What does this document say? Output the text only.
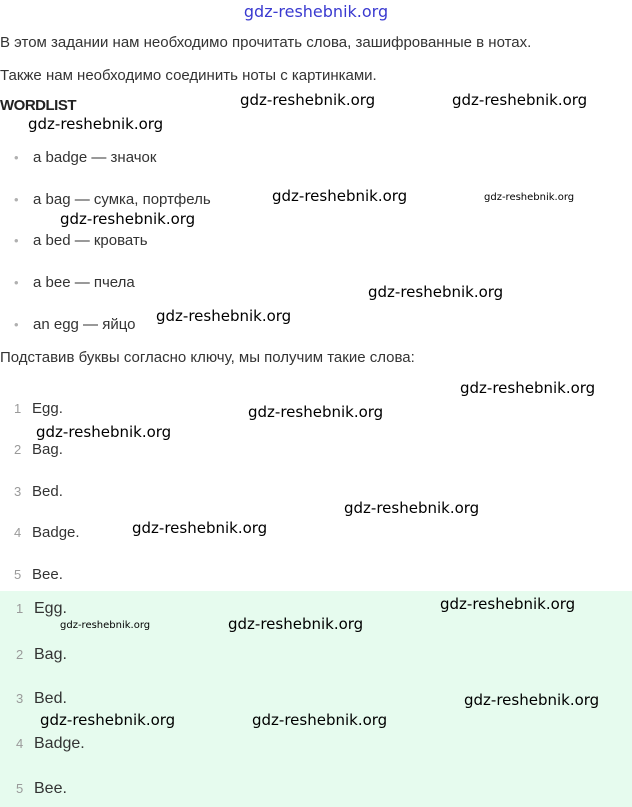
gdz-reshebnik.org
В этом задании нам необходимо прочитать слова, зашифрованные в нотах.
Также нам необходимо соединить ноты с картинками.
WORDLIST
• a badge — значок
• a bag — сумка, портфель
• a bed — кровать
• a bee — пчела
• an egg — яйцо
Подставив буквы согласно ключу, мы получим такие слова:
1 Egg.
2 Bag.
3 Bed.
4 Badge.
5 Bee.
1 Egg.
2 Bag.
3 Bed.
4 Badge.
5 Bee.
gdz-reshebnik.org	gdz-reshebnik.org
gdz-reshebnik.org
gdz-reshebnik.org	gdz-reshebnik.org
gdz-reshebnik.org
gdz-reshebnik.org
gdz-reshebnik.org
gdz-reshebnik.org
gdz-reshebnik.org
gdz-reshebnik.org
gdz-reshebnik.org
gdz-reshebnik.org
gdz-reshebnik.org
gdz-reshebnik.org	gdz-reshebnik.org
gdz-reshebnik.org
gdz-reshebnik.org	gdz-reshebnik.org
